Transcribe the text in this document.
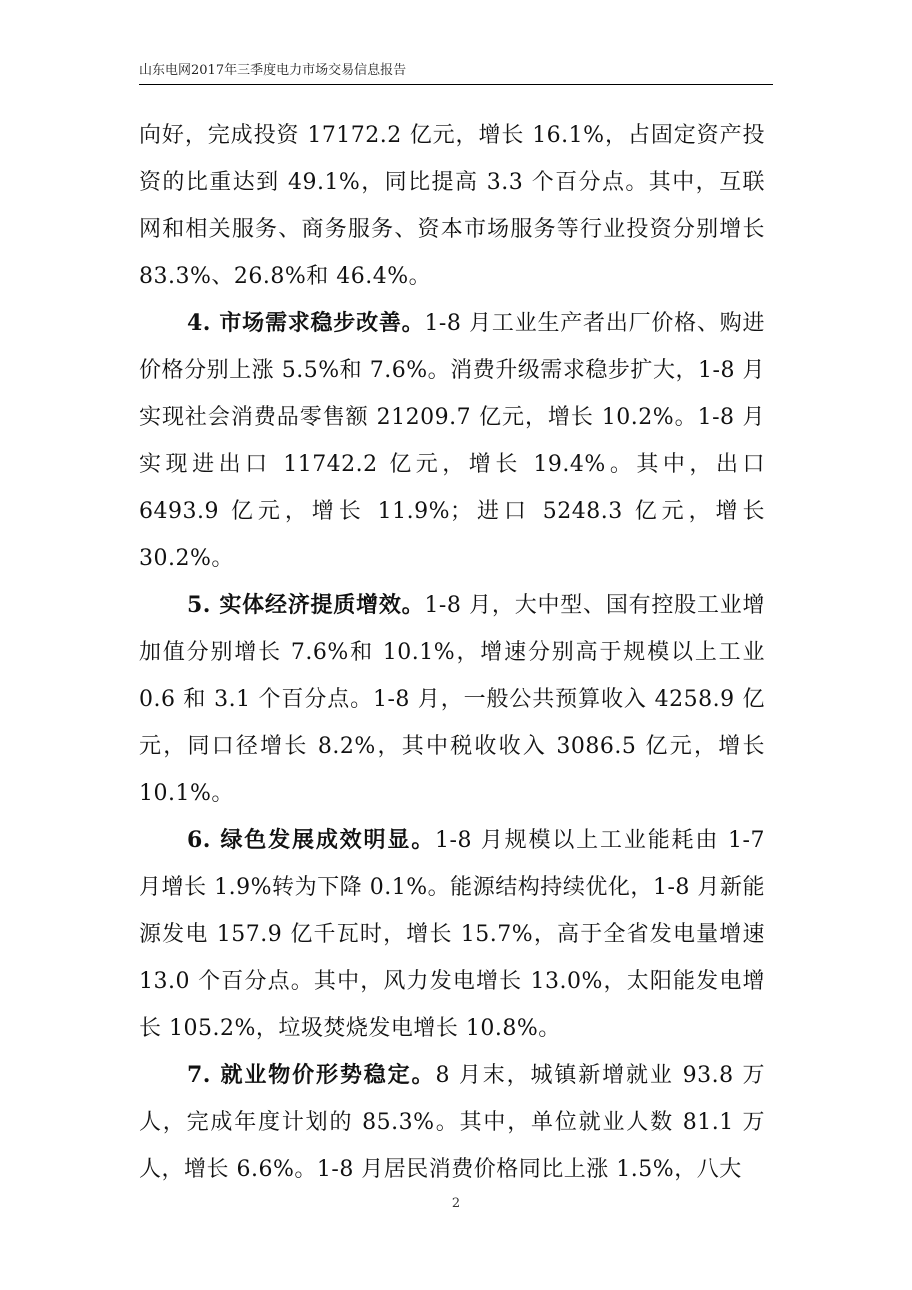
山东电网2017年三季度电力市场交易信息报告

向好，完成投资 17172.2 亿元，增长 16.1%，占固定资产投资的比重达到 49.1%，同比提高 3.3 个百分点。其中，互联网和相关服务、商务服务、资本市场服务等行业投资分别增长 83.3%、26.8%和 46.4%。

4. 市场需求稳步改善。1-8 月工业生产者出厂价格、购进价格分别上涨 5.5%和 7.6%。消费升级需求稳步扩大，1-8 月实现社会消费品零售额 21209.7 亿元，增长 10.2%。1-8 月实现进出口 11742.2 亿元，增长 19.4%。其中，出口 6493.9 亿元，增长 11.9%；进口 5248.3 亿元，增长 30.2%。

5. 实体经济提质增效。1-8 月，大中型、国有控股工业增加值分别增长 7.6%和 10.1%，增速分别高于规模以上工业 0.6 和 3.1 个百分点。1-8 月，一般公共预算收入 4258.9 亿元，同口径增长 8.2%，其中税收收入 3086.5 亿元，增长 10.1%。

6. 绿色发展成效明显。1-8 月规模以上工业能耗由 1-7 月增长 1.9%转为下降 0.1%。能源结构持续优化，1-8 月新能源发电 157.9 亿千瓦时，增长 15.7%，高于全省发电量增速 13.0 个百分点。其中，风力发电增长 13.0%，太阳能发电增长 105.2%，垃圾焚烧发电增长 10.8%。

7. 就业物价形势稳定。8 月末，城镇新增就业 93.8 万人，完成年度计划的 85.3%。其中，单位就业人数 81.1 万人，增长 6.6%。1-8 月居民消费价格同比上涨 1.5%，八大

2
